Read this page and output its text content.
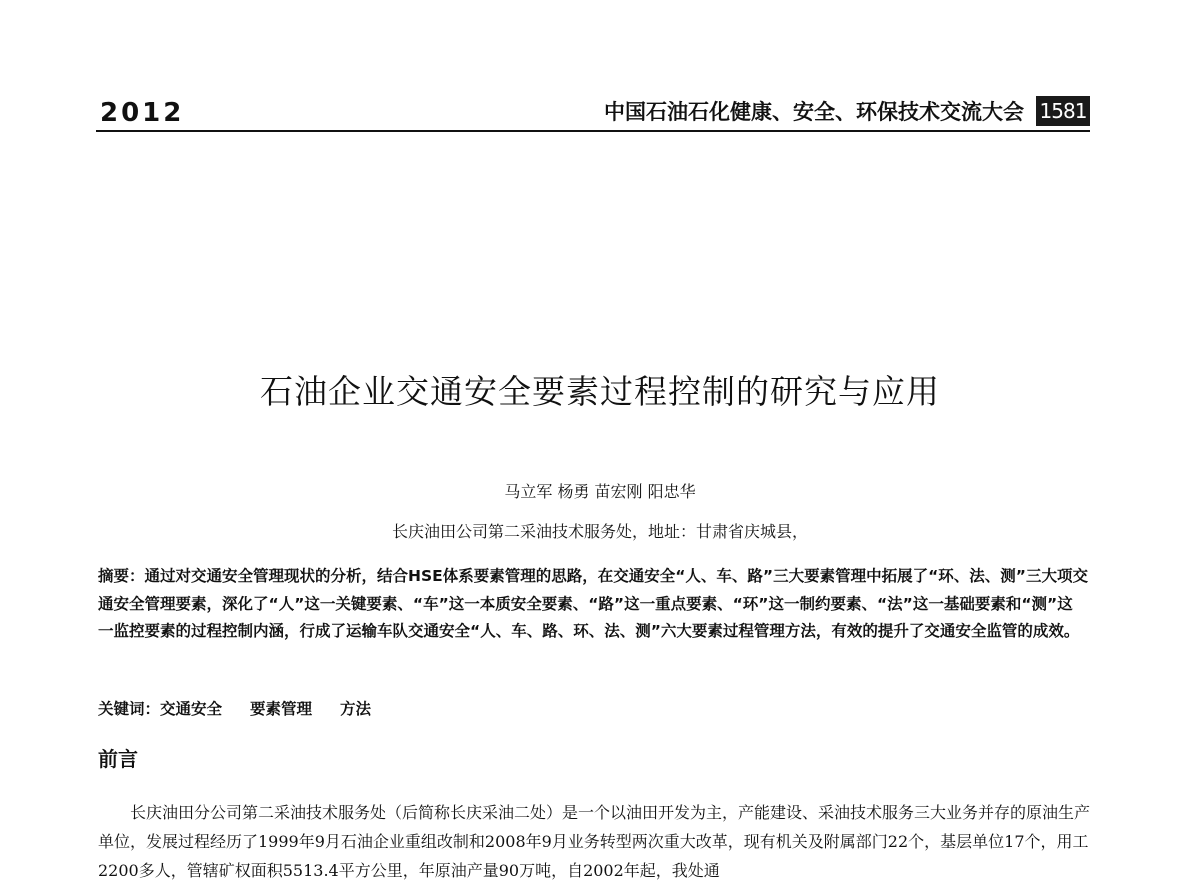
2012	中国石油石化健康、安全、环保技术交流大会 1581
石油企业交通安全要素过程控制的研究与应用
马立军 杨勇 苗宏刚 阳忠华
长庆油田公司第二采油技术服务处，地址：甘肃省庆城县，

摘要：通过对交通安全管理现状的分析，结合HSE体系要素管理的思路，在交通安全“人、车、路”三大要素管理中拓展了“环、法、测”三大项交通安全管理要素，深化了“人”这一关键要素、“车”这一本质安全要素、“路”这一重点要素、“环”这一制约要素、“法”这一基础要素和“测”这一监控要素的过程控制内涵，行成了运输车队交通安全“人、车、路、环、法、测”六大要素过程管理方法，有效的提升了交通安全监管的成效。

关键词：交通安全 要素管理 方法
前言

长庆油田分公司第二采油技术服务处（后简称长庆采油二处）是一个以油田开发为主，产能建设、采油技术服务三大业务并存的原油生产单位，发展过程经历了1999年9月石油企业重组改制和2008年9月业务转型两次重大改革，现有机关及附属部门22个，基层单位17个，用工2200多人，管辖矿权面积5513.4平方公里，年原油产量90万吨，自2002年起，我处通
